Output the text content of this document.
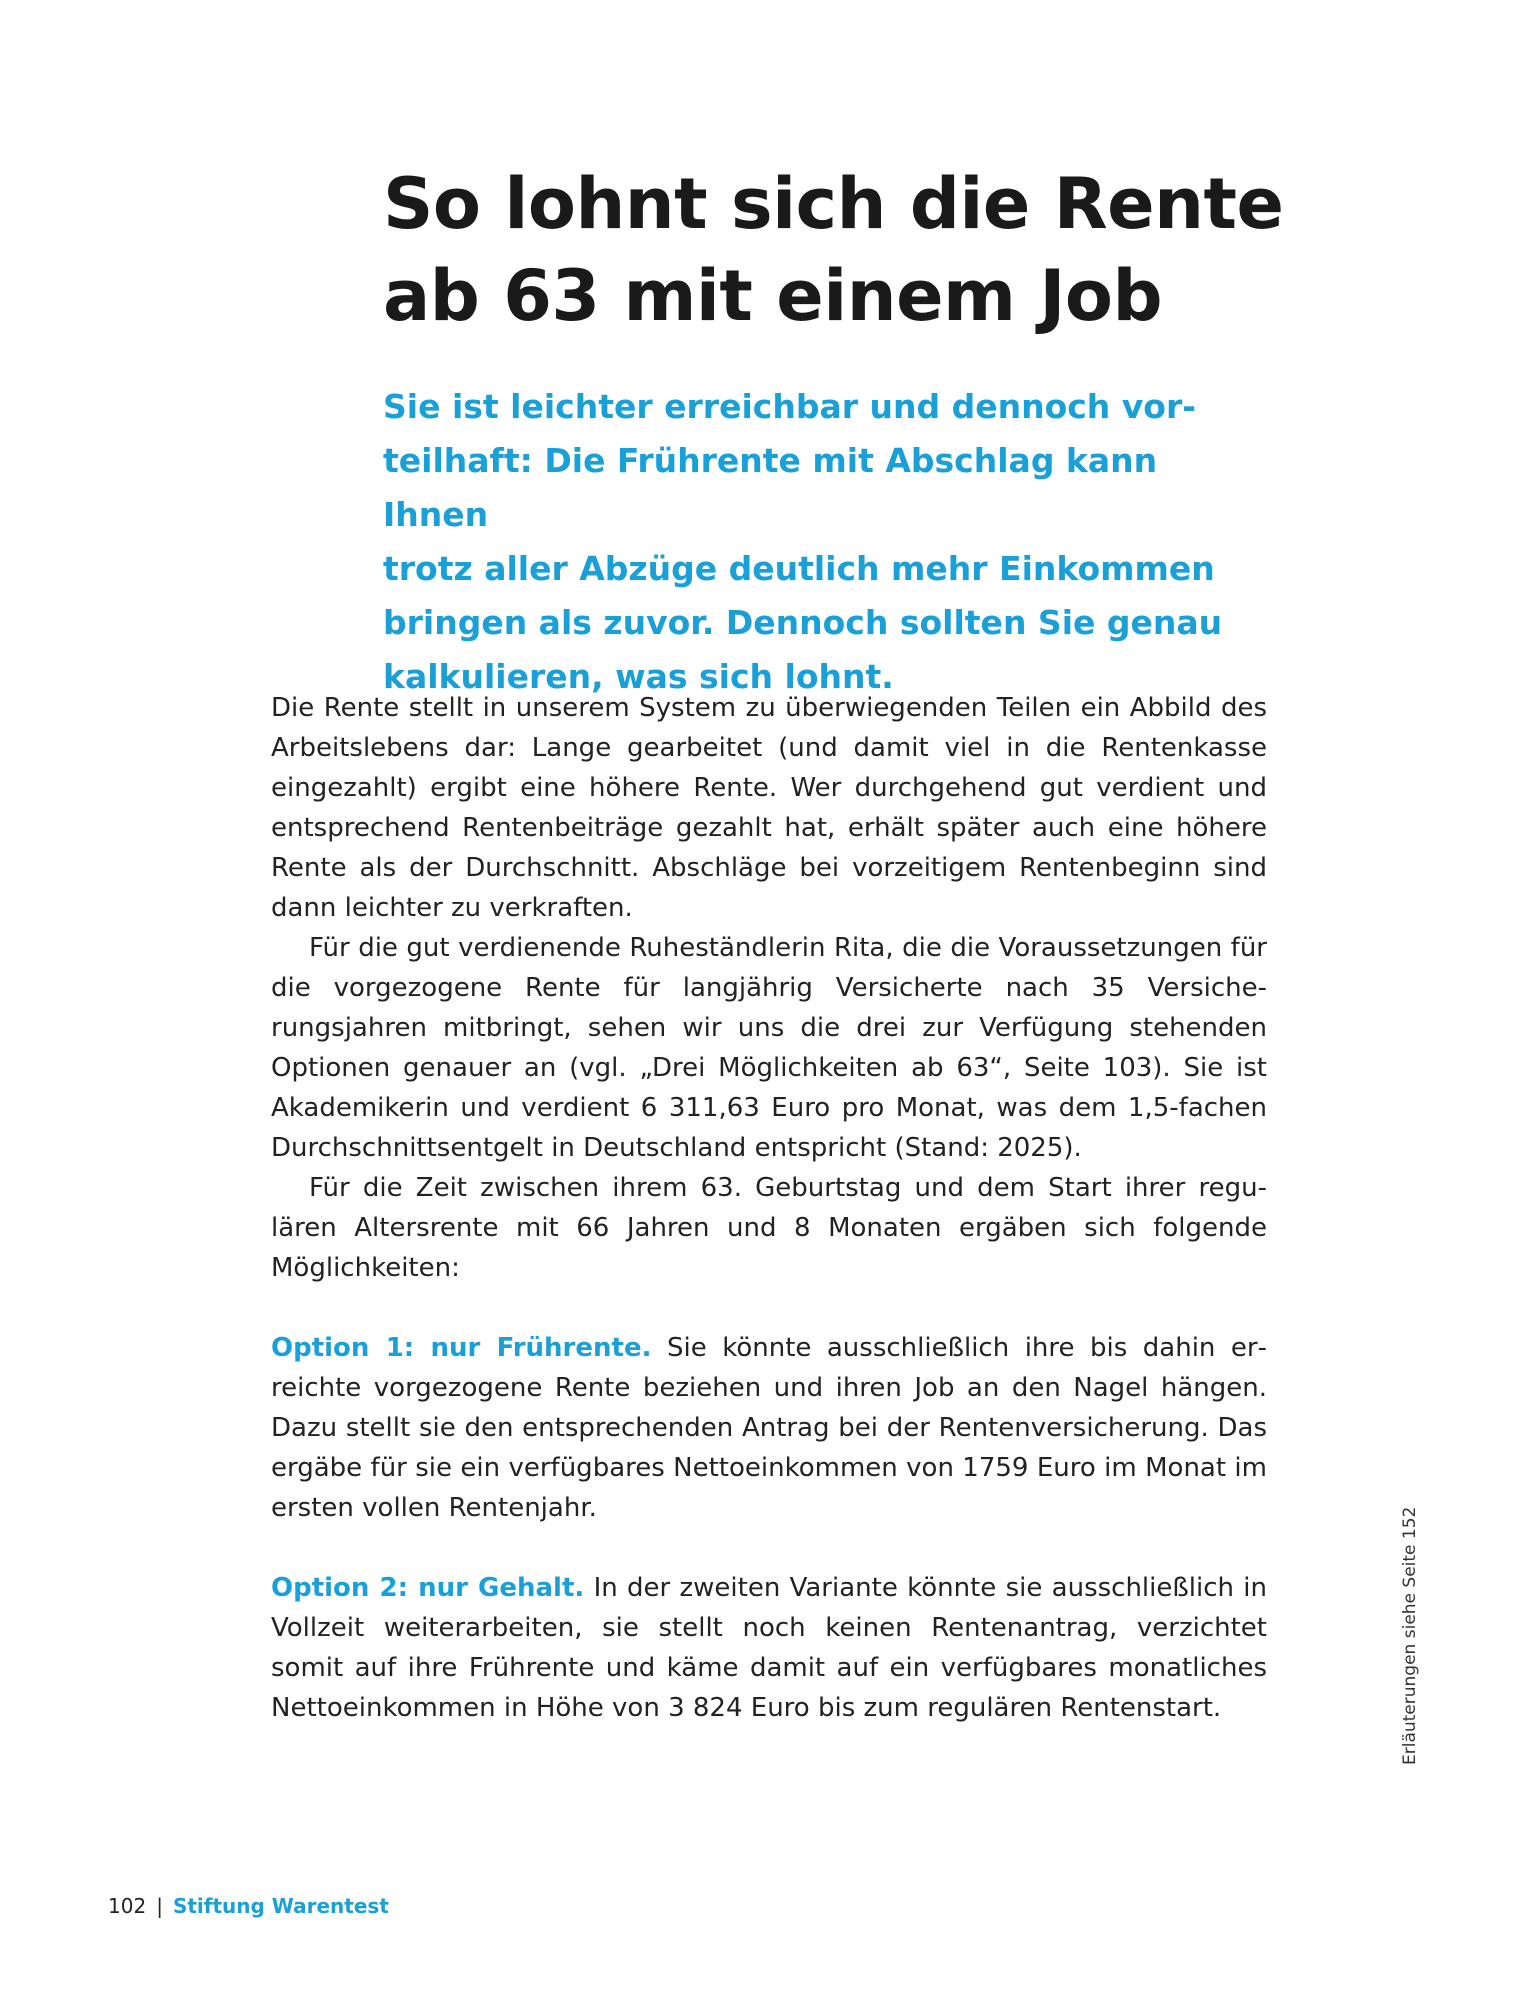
So lohnt sich die Rente
ab 63 mit einem Job

Sie ist leichter erreichbar und dennoch vor-
teilhaft: Die Frührente mit Abschlag kann Ihnen
trotz aller Abzüge deutlich mehr Einkommen
bringen als zuvor. Dennoch sollten Sie genau
kalkulieren, was sich lohnt.

Die Rente stellt in unserem System zu überwiegenden Teilen ein Abbild des Arbeitslebens dar: Lange gearbeitet (und damit viel in die Rentenkasse eingezahlt) ergibt eine höhere Rente. Wer durchgehend gut verdient und entsprechend Rentenbeiträge gezahlt hat, erhält später auch eine höhere Rente als der Durchschnitt. Abschläge bei vorzeitigem Rentenbeginn sind dann leichter zu verkraften.

Für die gut verdienende Ruheständlerin Rita, die die Voraussetzungen für die vorgezogene Rente für langjährig Versicherte nach 35 Versicherungsjahren mitbringt, sehen wir uns die drei zur Verfügung stehenden Optionen genauer an (vgl. „Drei Möglichkeiten ab 63“, Seite 103). Sie ist Akademikerin und verdient 6 311,63 Euro pro Monat, was dem 1,5-fachen Durchschnittsentgelt in Deutschland entspricht (Stand: 2025).

Für die Zeit zwischen ihrem 63. Geburtstag und dem Start ihrer regulären Altersrente mit 66 Jahren und 8 Monaten ergäben sich folgende Möglichkeiten:

Option 1: nur Frührente. Sie könnte ausschließlich ihre bis dahin erreichte vorgezogene Rente beziehen und ihren Job an den Nagel hängen. Dazu stellt sie den entsprechenden Antrag bei der Rentenversicherung. Das ergäbe für sie ein verfügbares Nettoeinkommen von 1759 Euro im Monat im ersten vollen Rentenjahr.

Option 2: nur Gehalt. In der zweiten Variante könnte sie ausschließlich in Vollzeit weiterarbeiten, sie stellt noch keinen Rentenantrag, verzichtet somit auf ihre Frührente und käme damit auf ein verfügbares monatliches Nettoeinkommen in Höhe von 3 824 Euro bis zum regulären Rentenstart.	Erläuterungen siehe Seite 152
102 | Stiftung Warentest
